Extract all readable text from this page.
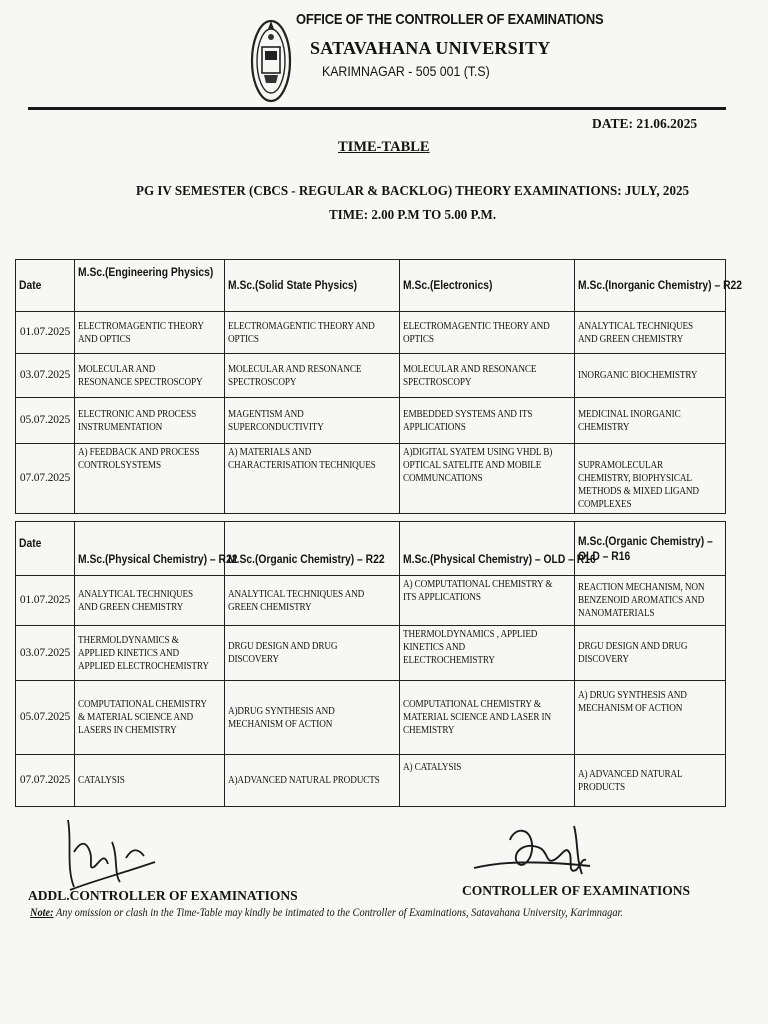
OFFICE OF THE CONTROLLER OF EXAMINATIONS
SATAVAHANA UNIVERSITY
KARIMNAGAR - 505 001 (T.S)
DATE: 21.06.2025
TIME-TABLE
PG IV SEMESTER (CBCS - REGULAR & BACKLOG) THEORY EXAMINATIONS: JULY, 2025
TIME: 2.00 P.M TO 5.00 P.M.
Date	M.Sc.(Engineering Physics)	M.Sc.(Solid State Physics)	M.Sc.(Electronics)	M.Sc.(Inorganic Chemistry) – R22
01.07.2025	ELECTROMAGENTIC THEORY AND OPTICS	ELECTROMAGENTIC THEORY AND OPTICS	ELECTROMAGENTIC THEORY AND OPTICS	ANALYTICAL TECHNIQUES AND GREEN CHEMISTRY

03.07.2025	MOLECULAR AND RESONANCE SPECTROSCOPY	MOLECULAR AND RESONANCE SPECTROSCOPY	MOLECULAR AND RESONANCE SPECTROSCOPY	INORGANIC BIOCHEMISTRY

05.07.2025	ELECTRONIC AND PROCESS INSTRUMENTATION	MAGENTISM AND SUPERCONDUCTIVITY	EMBEDDED SYSTEMS AND ITS APPLICATIONS	MEDICINAL INORGANIC CHEMISTRY

07.07.2025	A) FEEDBACK AND PROCESS CONTROLSYSTEMS	A) MATERIALS AND CHARACTERISATION TECHNIQUES	A)DIGITAL SYATEM USING VHDL B) OPTICAL SATELITE AND MOBILE COMMUNCATIONS	SUPRAMOLECULAR CHEMISTRY, BIOPHYSICAL METHODS & MIXED LIGAND COMPLEXES
Date	M.Sc.(Physical Chemistry) – R22	M.Sc.(Organic Chemistry) – R22	M.Sc.(Physical Chemistry) – OLD – R16	M.Sc.(Organic Chemistry) – OLD – R16
01.07.2025	ANALYTICAL TECHNIQUES AND GREEN CHEMISTRY	ANALYTICAL TECHNIQUES AND GREEN CHEMISTRY	A) COMPUTATIONAL CHEMISTRY & ITS APPLICATIONS	REACTION MECHANISM, NON BENZENOID AROMATICS AND NANOMATERIALS

03.07.2025	THERMOLDYNAMICS & APPLIED KINETICS AND APPLIED ELECTROCHEMISTRY	DRGU DESIGN AND DRUG DISCOVERY	THERMOLDYNAMICS , APPLIED KINETICS AND ELECTROCHEMISTRY	DRGU DESIGN AND DRUG DISCOVERY

05.07.2025	COMPUTATIONAL CHEMISTRY & MATERIAL SCIENCE AND LASERS IN CHEMISTRY	A)DRUG SYNTHESIS AND MECHANISM OF ACTION	COMPUTATIONAL CHEMISTRY & MATERIAL SCIENCE AND LASER IN CHEMISTRY	A) DRUG SYNTHESIS AND MECHANISM OF ACTION

07.07.2025	CATALYSIS	A)ADVANCED NATURAL PRODUCTS	A) CATALYSIS	A) ADVANCED NATURAL PRODUCTS
ADDL.CONTROLLER OF EXAMINATIONS	CONTROLLER OF EXAMINATIONS
Note: Any omission or clash in the Time-Table may kindly be intimated to the Controller of Examinations, Satavahana University, Karimnagar.
